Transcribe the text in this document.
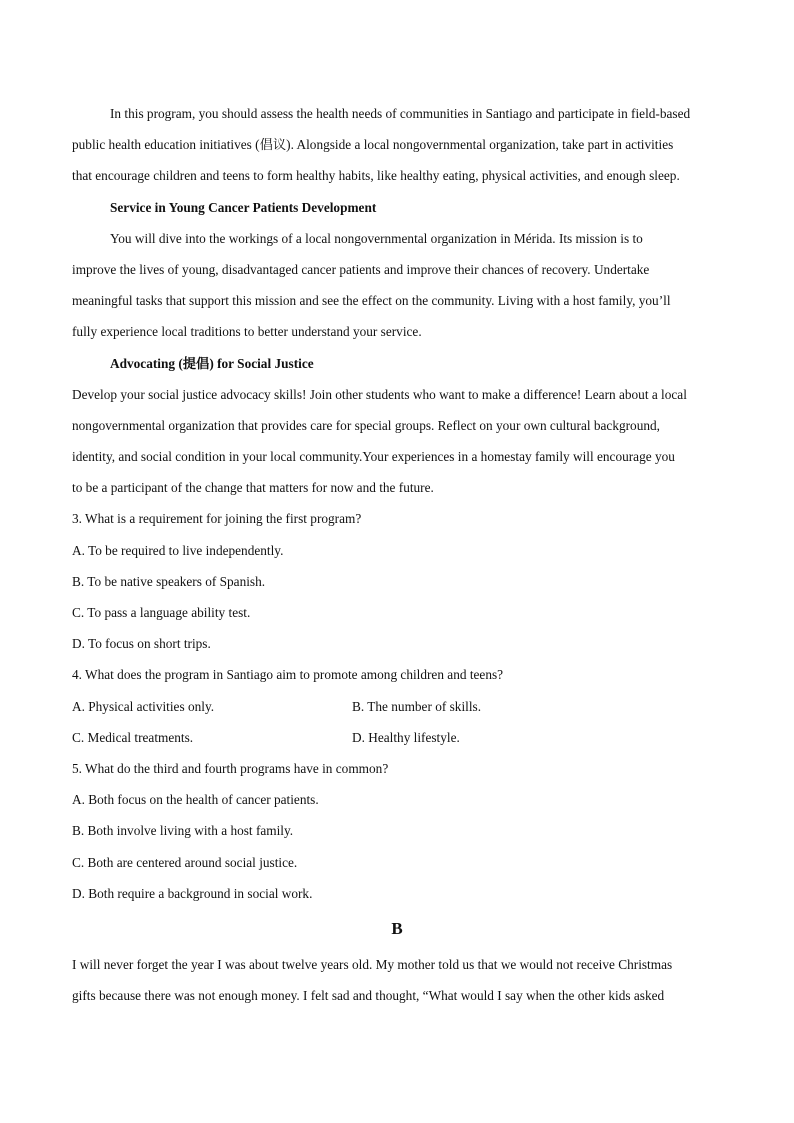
In this program, you should assess the health needs of communities in Santiago and participate in field-based
public health education initiatives (倡议). Alongside a local nongovernmental organization, take part in activities
that encourage children and teens to form healthy habits, like healthy eating, physical activities, and enough sleep.
Service in Young Cancer Patients Development
You will dive into the workings of a local nongovernmental organization in Mérida. Its mission is to
improve the lives of young, disadvantaged cancer patients and improve their chances of recovery. Undertake
meaningful tasks that support this mission and see the effect on the community. Living with a host family, you’ll
fully experience local traditions to better understand your service.
Advocating (提倡) for Social Justice
Develop your social justice advocacy skills! Join other students who want to make a difference! Learn about a local
nongovernmental organization that provides care for special groups. Reflect on your own cultural background,
identity, and social condition in your local community.Your experiences in a homestay family will encourage you
to be a participant of the change that matters for now and the future.
3. What is a requirement for joining the first program?
A. To be required to live independently.
B. To be native speakers of Spanish.
C. To pass a language ability test.
D. To focus on short trips.
4. What does the program in Santiago aim to promote among children and teens?
A. Physical activities only.	B. The number of skills.
C. Medical treatments.	D. Healthy lifestyle.
5. What do the third and fourth programs have in common?
A. Both focus on the health of cancer patients.
B. Both involve living with a host family.
C. Both are centered around social justice.
D. Both require a background in social work.
B
I will never forget the year I was about twelve years old. My mother told us that we would not receive Christmas
gifts because there was not enough money. I felt sad and thought, “What would I say when the other kids asked
